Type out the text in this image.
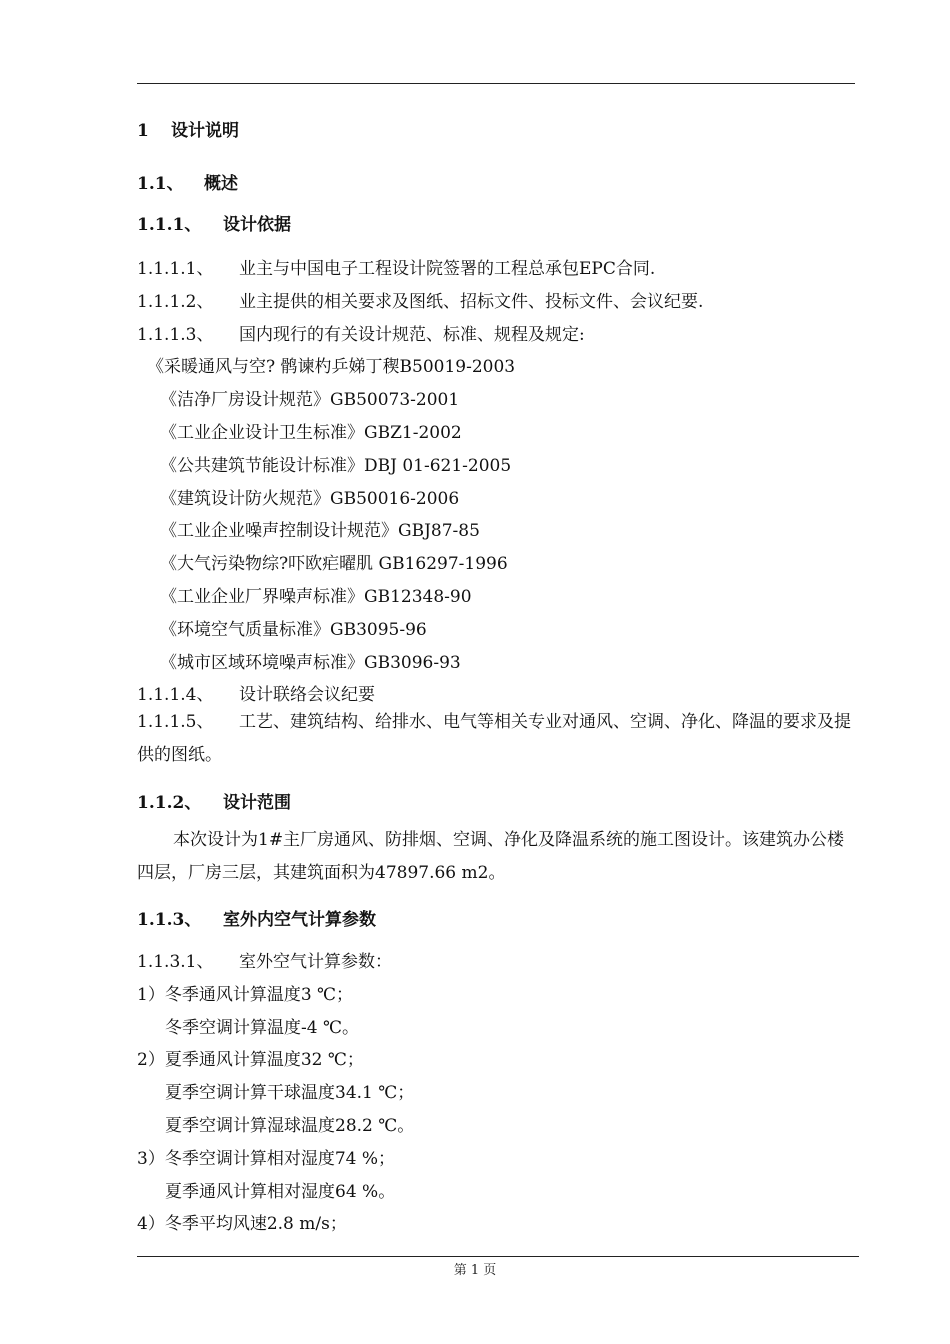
1 设计说明
1.1、 概述
1.1.1、 设计依据
1.1.1.1、 业主与中国电子工程设计院签署的工程总承包EPC合同.
1.1.1.2、 业主提供的相关要求及图纸、招标文件、投标文件、会议纪要.
1.1.1.3、 国内现行的有关设计规范、标准、规程及规定:
《采暖通风与空? 鹘谏杓乒娣丁稧B50019-2003
《洁净厂房设计规范》GB50073-2001
《工业企业设计卫生标准》GBZ1-2002
《公共建筑节能设计标准》DBJ 01-621-2005
《建筑设计防火规范》GB50016-2006
《工业企业噪声控制设计规范》GBJ87-85
《大气污染物综?吓欧疟曜肌 GB16297-1996
《工业企业厂界噪声标准》GB12348-90
《环境空气质量标准》GB3095-96
《城市区域环境噪声标准》GB3096-93
1.1.1.4、 设计联络会议纪要
1.1.1.5、 工艺、建筑结构、给排水、电气等相关专业对通风、空调、净化、降温的要求及提供的图纸。
1.1.2、 设计范围
本次设计为1#主厂房通风、防排烟、空调、净化及降温系统的施工图设计。该建筑办公楼四层，厂房三层，其建筑面积为47897.66 m2。
1.1.3、 室外内空气计算参数
1.1.3.1、 室外空气计算参数：
1）冬季通风计算温度3 ℃；
冬季空调计算温度-4 ℃。
2）夏季通风计算温度32 ℃；
夏季空调计算干球温度34.1 ℃；
夏季空调计算湿球温度28.2 ℃。
3）冬季空调计算相对湿度74 %；
夏季通风计算相对湿度64 %。
4）冬季平均风速2.8 m/s；
第 1 页
